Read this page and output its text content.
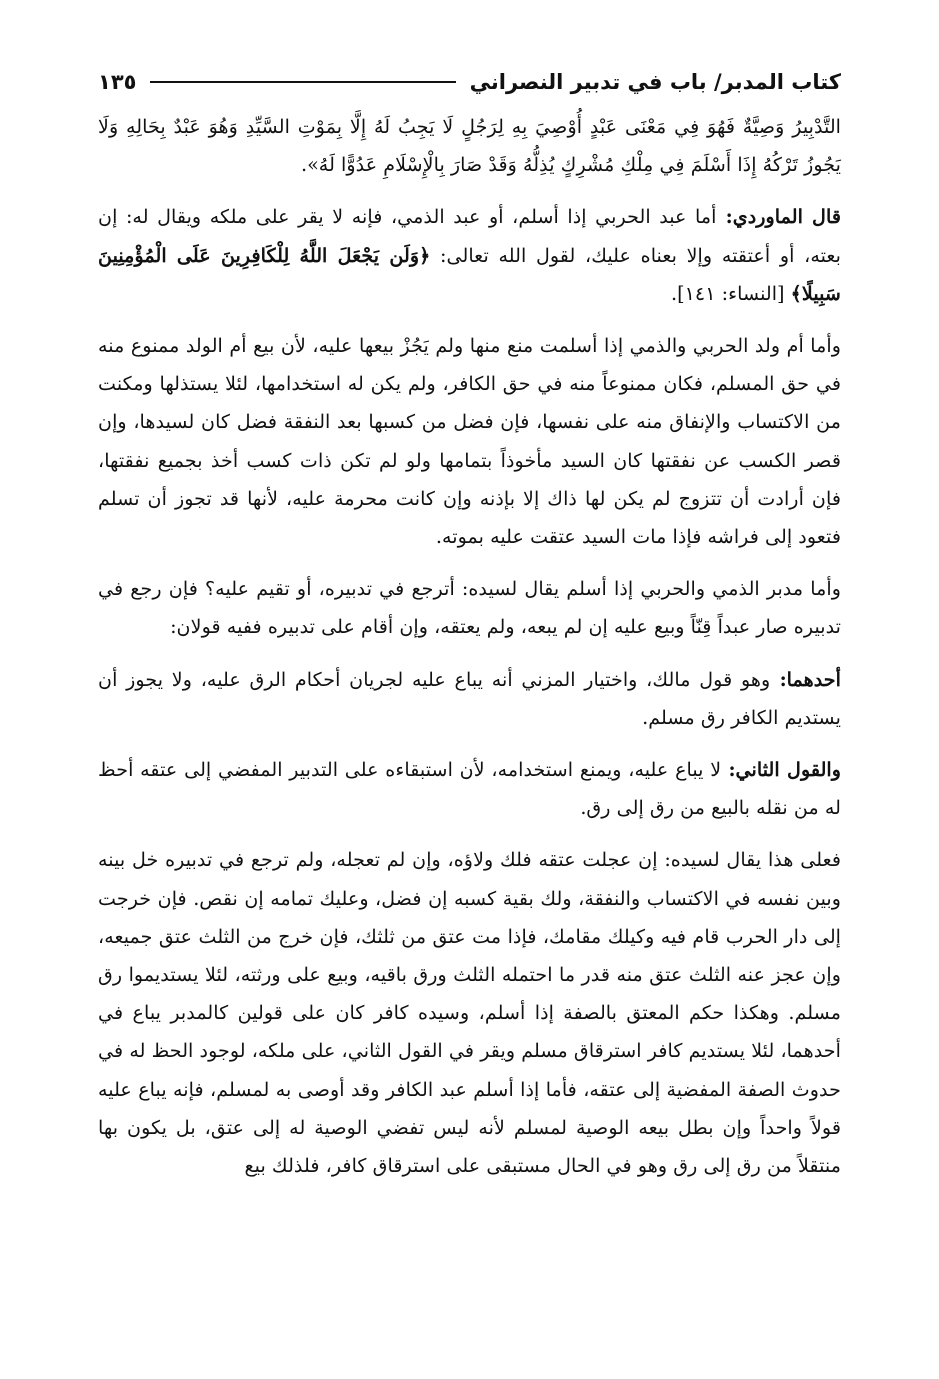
كتاب المدبر/ باب في تدبير النصراني
١٣٥

التَّدْبِيرُ وَصِيَّةٌ فَهُوَ فِي مَعْنَى عَبْدٍ أُوْصِيَ بِهِ لِرَجُلٍ لَا يَجِبُ لَهُ إِلَّا بِمَوْتِ السَّيِّدِ وَهُوَ عَبْدٌ بِحَالِهِ وَلَا يَجُوزُ تَرْكُهُ إِذَا أَسْلَمَ فِي مِلْكِ مُشْرِكٍ يُذِلُّهُ وَقَدْ صَارَ بِالْإِسْلَامِ عَدُوًّا لَهُ».

قال الماوردي: أما عبد الحربي إذا أسلم، أو عبد الذمي، فإنه لا يقر على ملكه ويقال له: إن بعته، أو أعتقته وإلا بعناه عليك، لقول الله تعالى: ﴿وَلَن يَجْعَلَ اللَّهُ لِلْكَافِرِينَ عَلَى الْمُؤْمِنِينَ سَبِيلًا﴾ [النساء: ١٤١].

وأما أم ولد الحربي والذمي إذا أسلمت منع منها ولم يَجُزْ بيعها عليه، لأن بيع أم الولد ممنوع منه في حق المسلم، فكان ممنوعاً منه في حق الكافر، ولم يكن له استخدامها، لئلا يستذلها ومكنت من الاكتساب والإنفاق منه على نفسها، فإن فضل من كسبها بعد النفقة فضل كان لسيدها، وإن قصر الكسب عن نفقتها كان السيد مأخوذاً بتمامها ولو لم تكن ذات كسب أخذ بجميع نفقتها، فإن أرادت أن تتزوج لم يكن لها ذاك إلا بإذنه وإن كانت محرمة عليه، لأنها قد تجوز أن تسلم فتعود إلى فراشه فإذا مات السيد عتقت عليه بموته.

وأما مدبر الذمي والحربي إذا أسلم يقال لسيده: أترجع في تدبيره، أو تقيم عليه؟ فإن رجع في تدبيره صار عبداً قِنّاً وبيع عليه إن لم يبعه، ولم يعتقه، وإن أقام على تدبيره ففيه قولان:

أحدهما: وهو قول مالك، واختيار المزني أنه يباع عليه لجريان أحكام الرق عليه، ولا يجوز أن يستديم الكافر رق مسلم.

والقول الثاني: لا يباع عليه، ويمنع استخدامه، لأن استبقاءه على التدبير المفضي إلى عتقه أحظ له من نقله بالبيع من رق إلى رق.

فعلى هذا يقال لسيده: إن عجلت عتقه فلك ولاؤه، وإن لم تعجله، ولم ترجع في تدبيره خل بينه وبين نفسه في الاكتساب والنفقة، ولك بقية كسبه إن فضل، وعليك تمامه إن نقص. فإن خرجت إلى دار الحرب قام فيه وكيلك مقامك، فإذا مت عتق من ثلثك، فإن خرج من الثلث عتق جميعه، وإن عجز عنه الثلث عتق منه قدر ما احتمله الثلث ورق باقيه، وبيع على ورثته، لئلا يستديموا رق مسلم. وهكذا حكم المعتق بالصفة إذا أسلم، وسيده كافر كان على قولين كالمدبر يباع في أحدهما، لئلا يستديم كافر استرقاق مسلم ويقر في القول الثاني، على ملكه، لوجود الحظ له في حدوث الصفة المفضية إلى عتقه، فأما إذا أسلم عبد الكافر وقد أوصى به لمسلم، فإنه يباع عليه قولاً واحداً وإن بطل بيعه الوصية لمسلم لأنه ليس تفضي الوصية له إلى عتق، بل يكون بها منتقلاً من رق إلى رق وهو في الحال مستبقى على استرقاق كافر، فلذلك بيع
